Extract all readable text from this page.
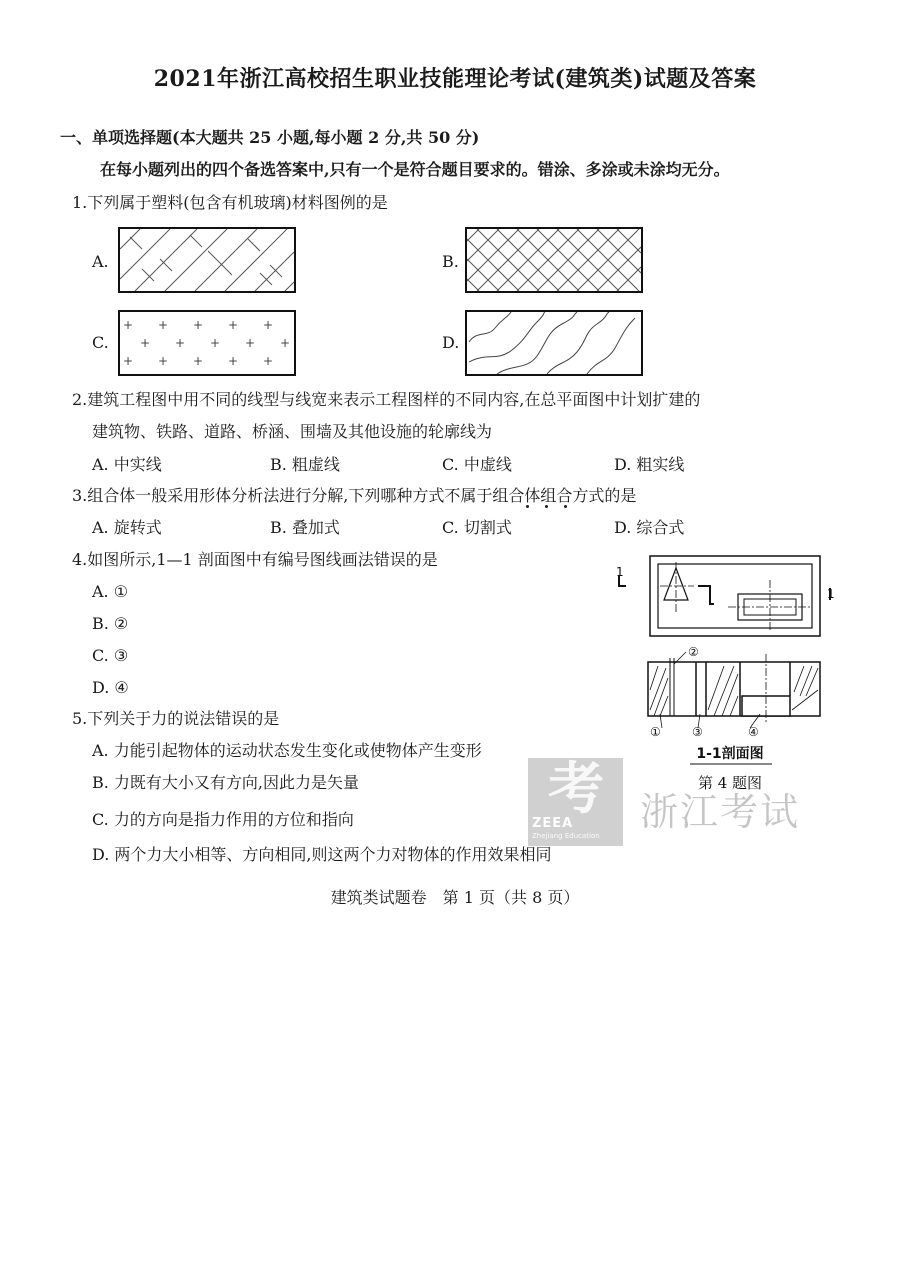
2021年浙江高校招生职业技能理论考试(建筑类)试题及答案
一、单项选择题(本大题共 25 小题,每小题 2 分,共 50 分)
在每小题列出的四个备选答案中,只有一个是符合题目要求的。错涂、多涂或未涂均无分。
1.下列属于塑料(包含有机玻璃)材料图例的是
A.	B.
C.
+ + + + +
+ + + + +
+ + + + +
D.
2.建筑工程图中用不同的线型与线宽来表示工程图样的不同内容,在总平面图中计划扩建的
建筑物、铁路、道路、桥涵、围墙及其他设施的轮廓线为
A. 中实线	B. 粗虚线	C. 中虚线	D. 粗实线
3.组合体一般采用形体分析法进行分解,下列哪种方式不属于组合体组合方式的是
A. 旋转式	B. 叠加式	C. 切割式	D. 综合式
4.如图所示,1—1 剖面图中有编号图线画法错误的是
A. ①
B. ②
C. ③
D. ④
1
1
②
①	③	④
1-1剖面图
第 4 题图
5.下列关于力的说法错误的是
A. 力能引起物体的运动状态发生变化或使物体产生变形
B. 力既有大小又有方向,因此力是矢量
C. 力的方向是指力作用的方位和指向
D. 两个力大小相等、方向相同,则这两个力对物体的作用效果相同
考
ZEEA
Zhejiang Education
浙江考试
建筑类试题卷　第 1 页（共 8 页）
